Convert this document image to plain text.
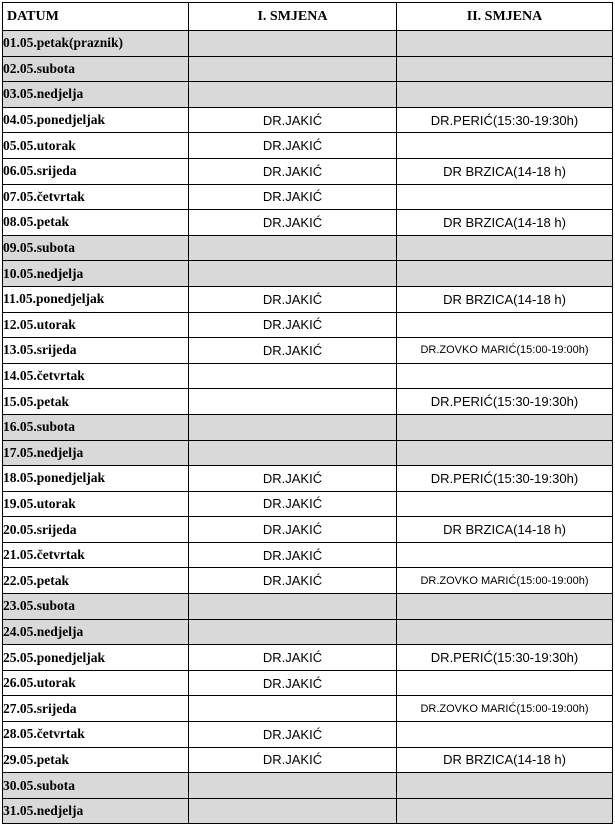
DATUM	I. SMJENA	II. SMJENA
01.05.petak(praznik)		
02.05.subota		
03.05.nedjelja		
04.05.ponedjeljak	DR.JAKIĆ	DR.PERIĆ(15:30-19:30h)
05.05.utorak	DR.JAKIĆ	
06.05.srijeda	DR.JAKIĆ	DR BRZICA(14-18 h)
07.05.četvrtak	DR.JAKIĆ	
08.05.petak	DR.JAKIĆ	DR BRZICA(14-18 h)
09.05.subota		
10.05.nedjelja		
11.05.ponedjeljak	DR.JAKIĆ	DR BRZICA(14-18 h)
12.05.utorak	DR.JAKIĆ	
13.05.srijeda	DR.JAKIĆ	DR.ZOVKO MARIĆ(15:00-19:00h)
14.05.četvrtak		
15.05.petak		DR.PERIĆ(15:30-19:30h)
16.05.subota		
17.05.nedjelja		
18.05.ponedjeljak	DR.JAKIĆ	DR.PERIĆ(15:30-19:30h)
19.05.utorak	DR.JAKIĆ	
20.05.srijeda	DR.JAKIĆ	DR BRZICA(14-18 h)
21.05.četvrtak	DR.JAKIĆ	
22.05.petak	DR.JAKIĆ	DR.ZOVKO MARIĆ(15:00-19:00h)
23.05.subota		
24.05.nedjelja		
25.05.ponedjeljak	DR.JAKIĆ	DR.PERIĆ(15:30-19:30h)
26.05.utorak	DR.JAKIĆ	
27.05.srijeda		DR.ZOVKO MARIĆ(15:00-19:00h)
28.05.četvrtak	DR.JAKIĆ	
29.05.petak	DR.JAKIĆ	DR BRZICA(14-18 h)
30.05.subota		
31.05.nedjelja		
